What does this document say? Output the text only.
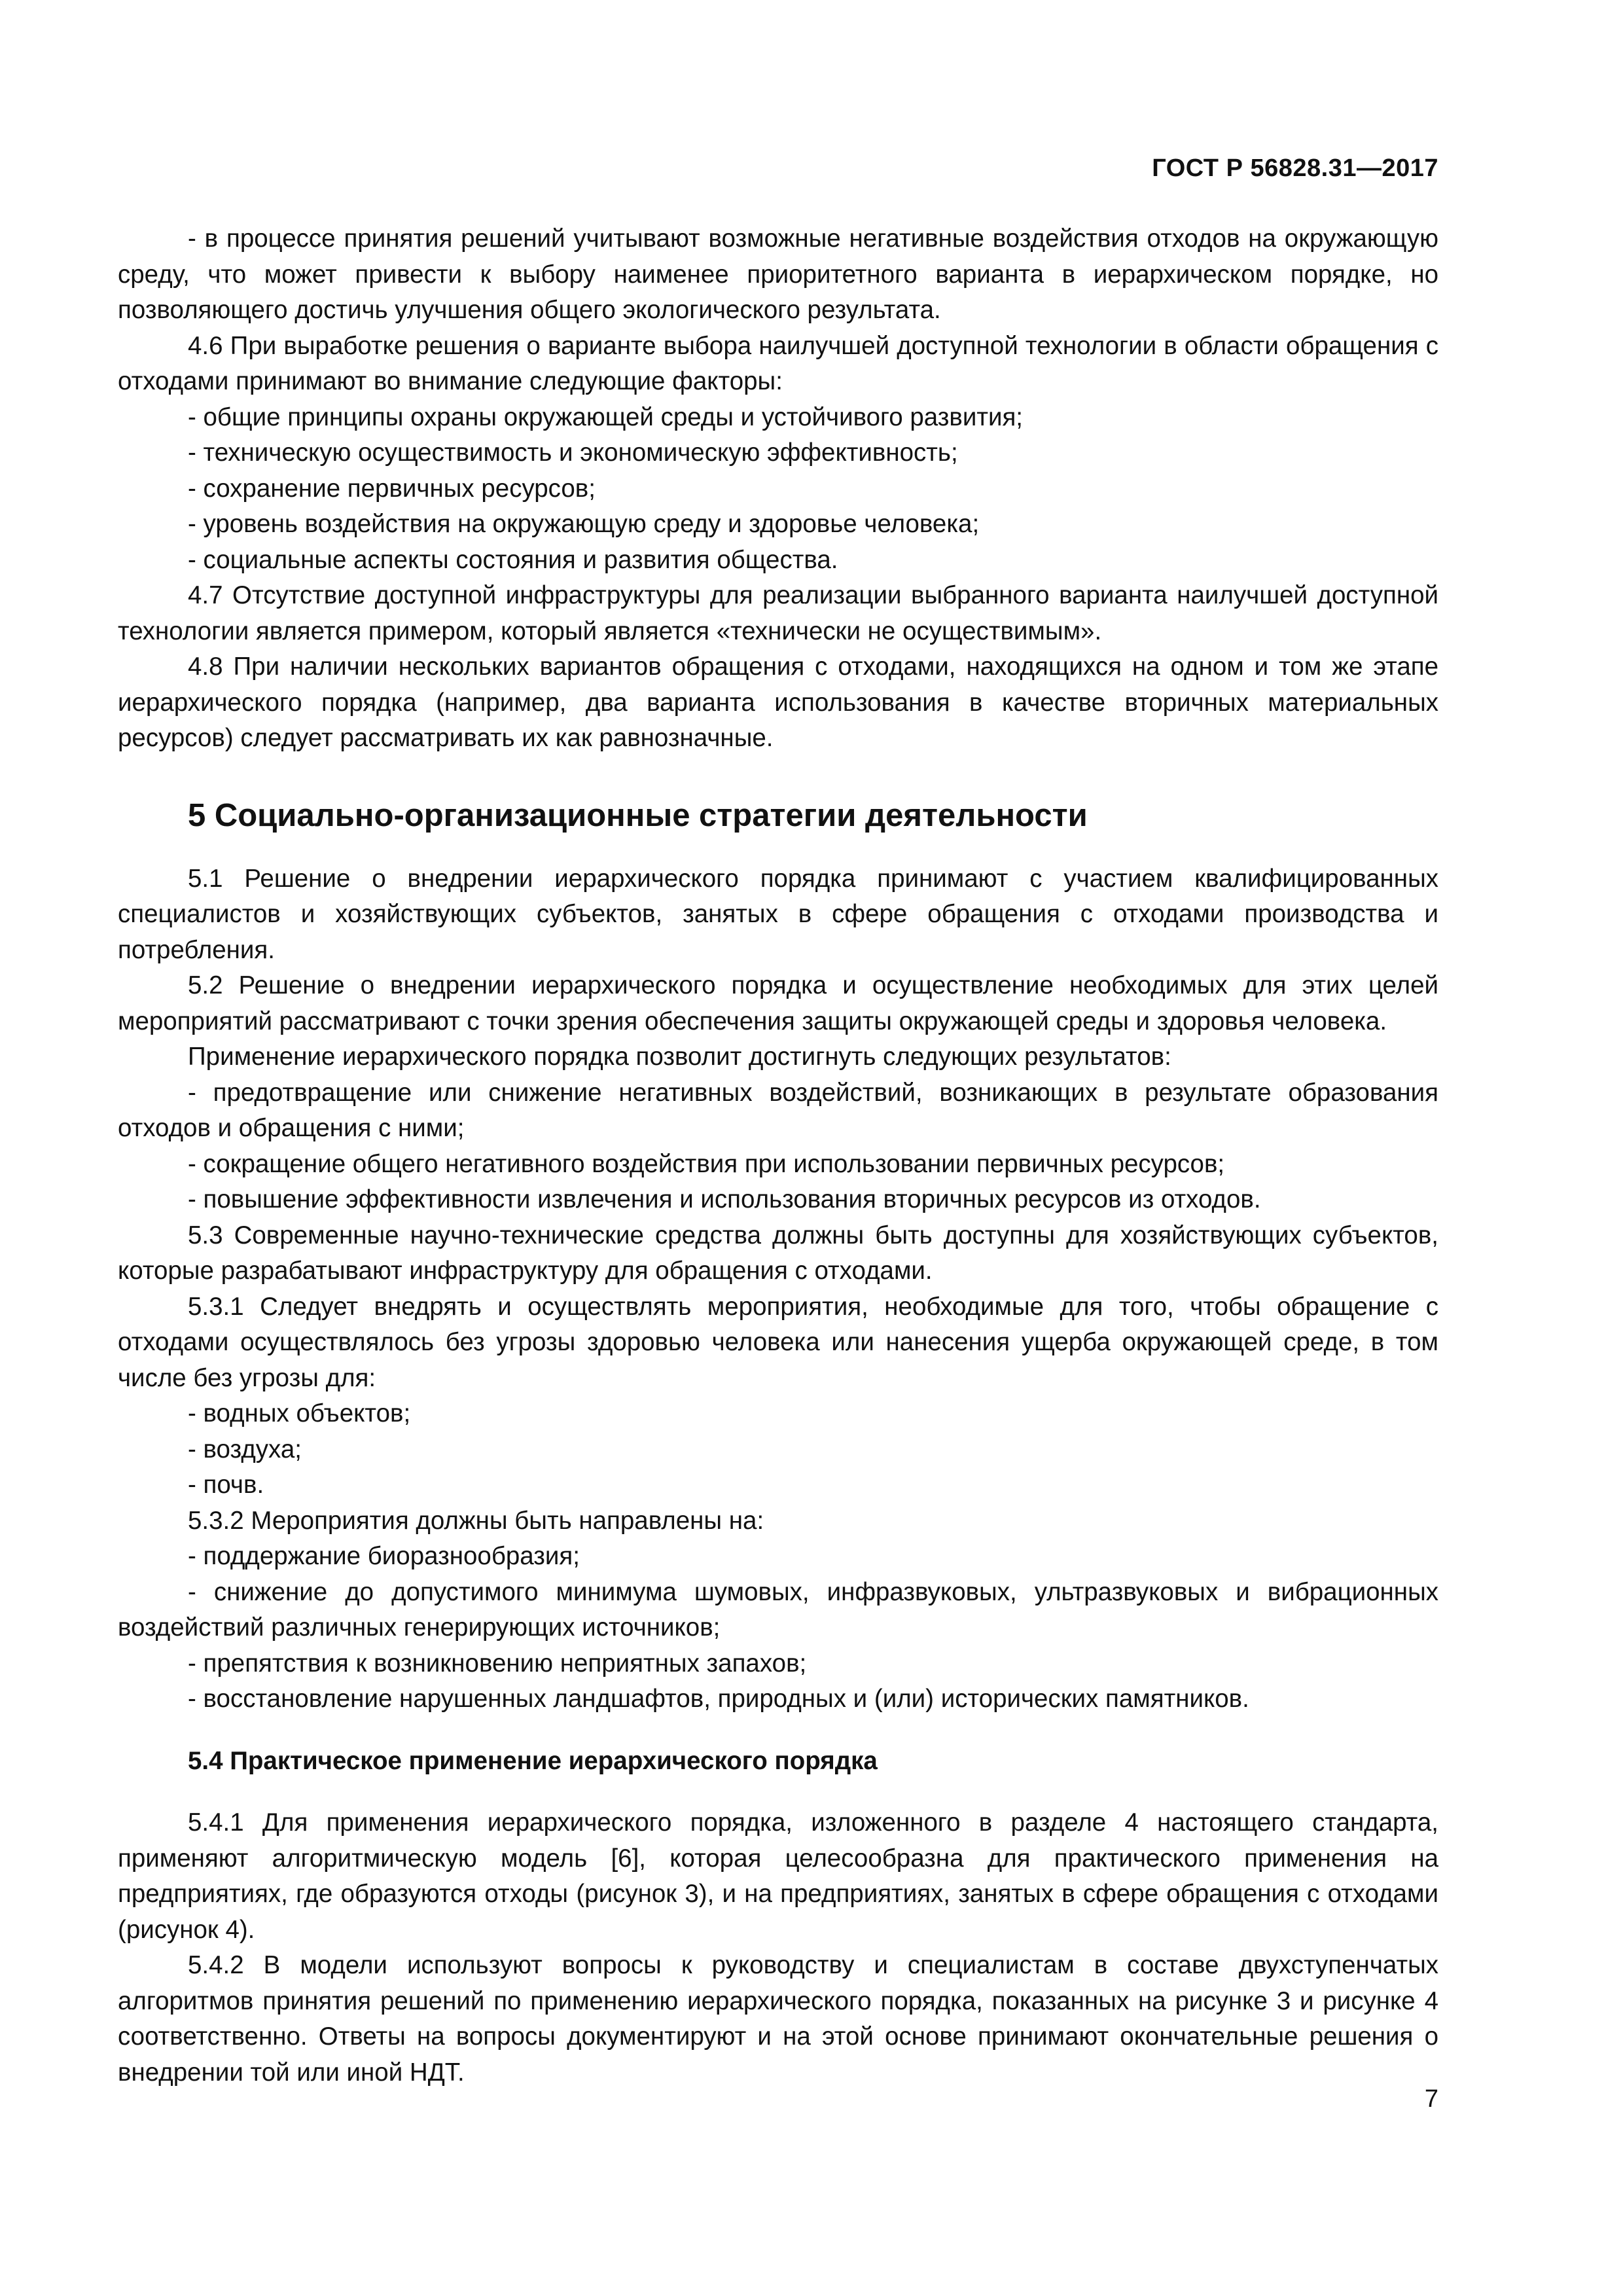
ГОСТ Р 56828.31—2017

- в процессе принятия решений учитывают возможные негативные воздействия отходов на окружающую среду, что может привести к выбору наименее приоритетного варианта в иерархическом порядке, но позволяющего достичь улучшения общего экологического результата.

4.6 При выработке решения о варианте выбора наилучшей доступной технологии в области обращения с отходами принимают во внимание следующие факторы:

- общие принципы охраны окружающей среды и устойчивого развития;

- техническую осуществимость и экономическую эффективность;

- сохранение первичных ресурсов;

- уровень воздействия на окружающую среду и здоровье человека;

- социальные аспекты состояния и развития общества.

4.7 Отсутствие доступной инфраструктуры для реализации выбранного варианта наилучшей доступной технологии является примером, который является «технически не осуществимым».

4.8 При наличии нескольких вариантов обращения с отходами, находящихся на одном и том же этапе иерархического порядка (например, два варианта использования в качестве вторичных материальных ресурсов) следует рассматривать их как равнозначные.

5 Социально-организационные стратегии деятельности

5.1 Решение о внедрении иерархического порядка принимают с участием квалифицированных специалистов и хозяйствующих субъектов, занятых в сфере обращения с отходами производства и потребления.

5.2 Решение о внедрении иерархического порядка и осуществление необходимых для этих целей мероприятий рассматривают с точки зрения обеспечения защиты окружающей среды и здоровья человека.

Применение иерархического порядка позволит достигнуть следующих результатов:

- предотвращение или снижение негативных воздействий, возникающих в результате образования отходов и обращения с ними;

- сокращение общего негативного воздействия при использовании первичных ресурсов;

- повышение эффективности извлечения и использования вторичных ресурсов из отходов.

5.3 Современные научно-технические средства должны быть доступны для хозяйствующих субъектов, которые разрабатывают инфраструктуру для обращения с отходами.

5.3.1 Следует внедрять и осуществлять мероприятия, необходимые для того, чтобы обращение с отходами осуществлялось без угрозы здоровью человека или нанесения ущерба окружающей среде, в том числе без угрозы для:

- водных объектов;

- воздуха;

- почв.

5.3.2 Мероприятия должны быть направлены на:

- поддержание биоразнообразия;

- снижение до допустимого минимума шумовых, инфразвуковых, ультразвуковых и вибрационных воздействий различных генерирующих источников;

- препятствия к возникновению неприятных запахов;

- восстановление нарушенных ландшафтов, природных и (или) исторических памятников.

5.4 Практическое применение иерархического порядка

5.4.1 Для применения иерархического порядка, изложенного в разделе 4 настоящего стандарта, применяют алгоритмическую модель [6], которая целесообразна для практического применения на предприятиях, где образуются отходы (рисунок 3), и на предприятиях, занятых в сфере обращения с отходами (рисунок 4).

5.4.2 В модели используют вопросы к руководству и специалистам в составе двухступенчатых алгоритмов принятия решений по применению иерархического порядка, показанных на рисунке 3 и рисунке 4 соответственно. Ответы на вопросы документируют и на этой основе принимают окончательные решения о внедрении той или иной НДТ.

7
